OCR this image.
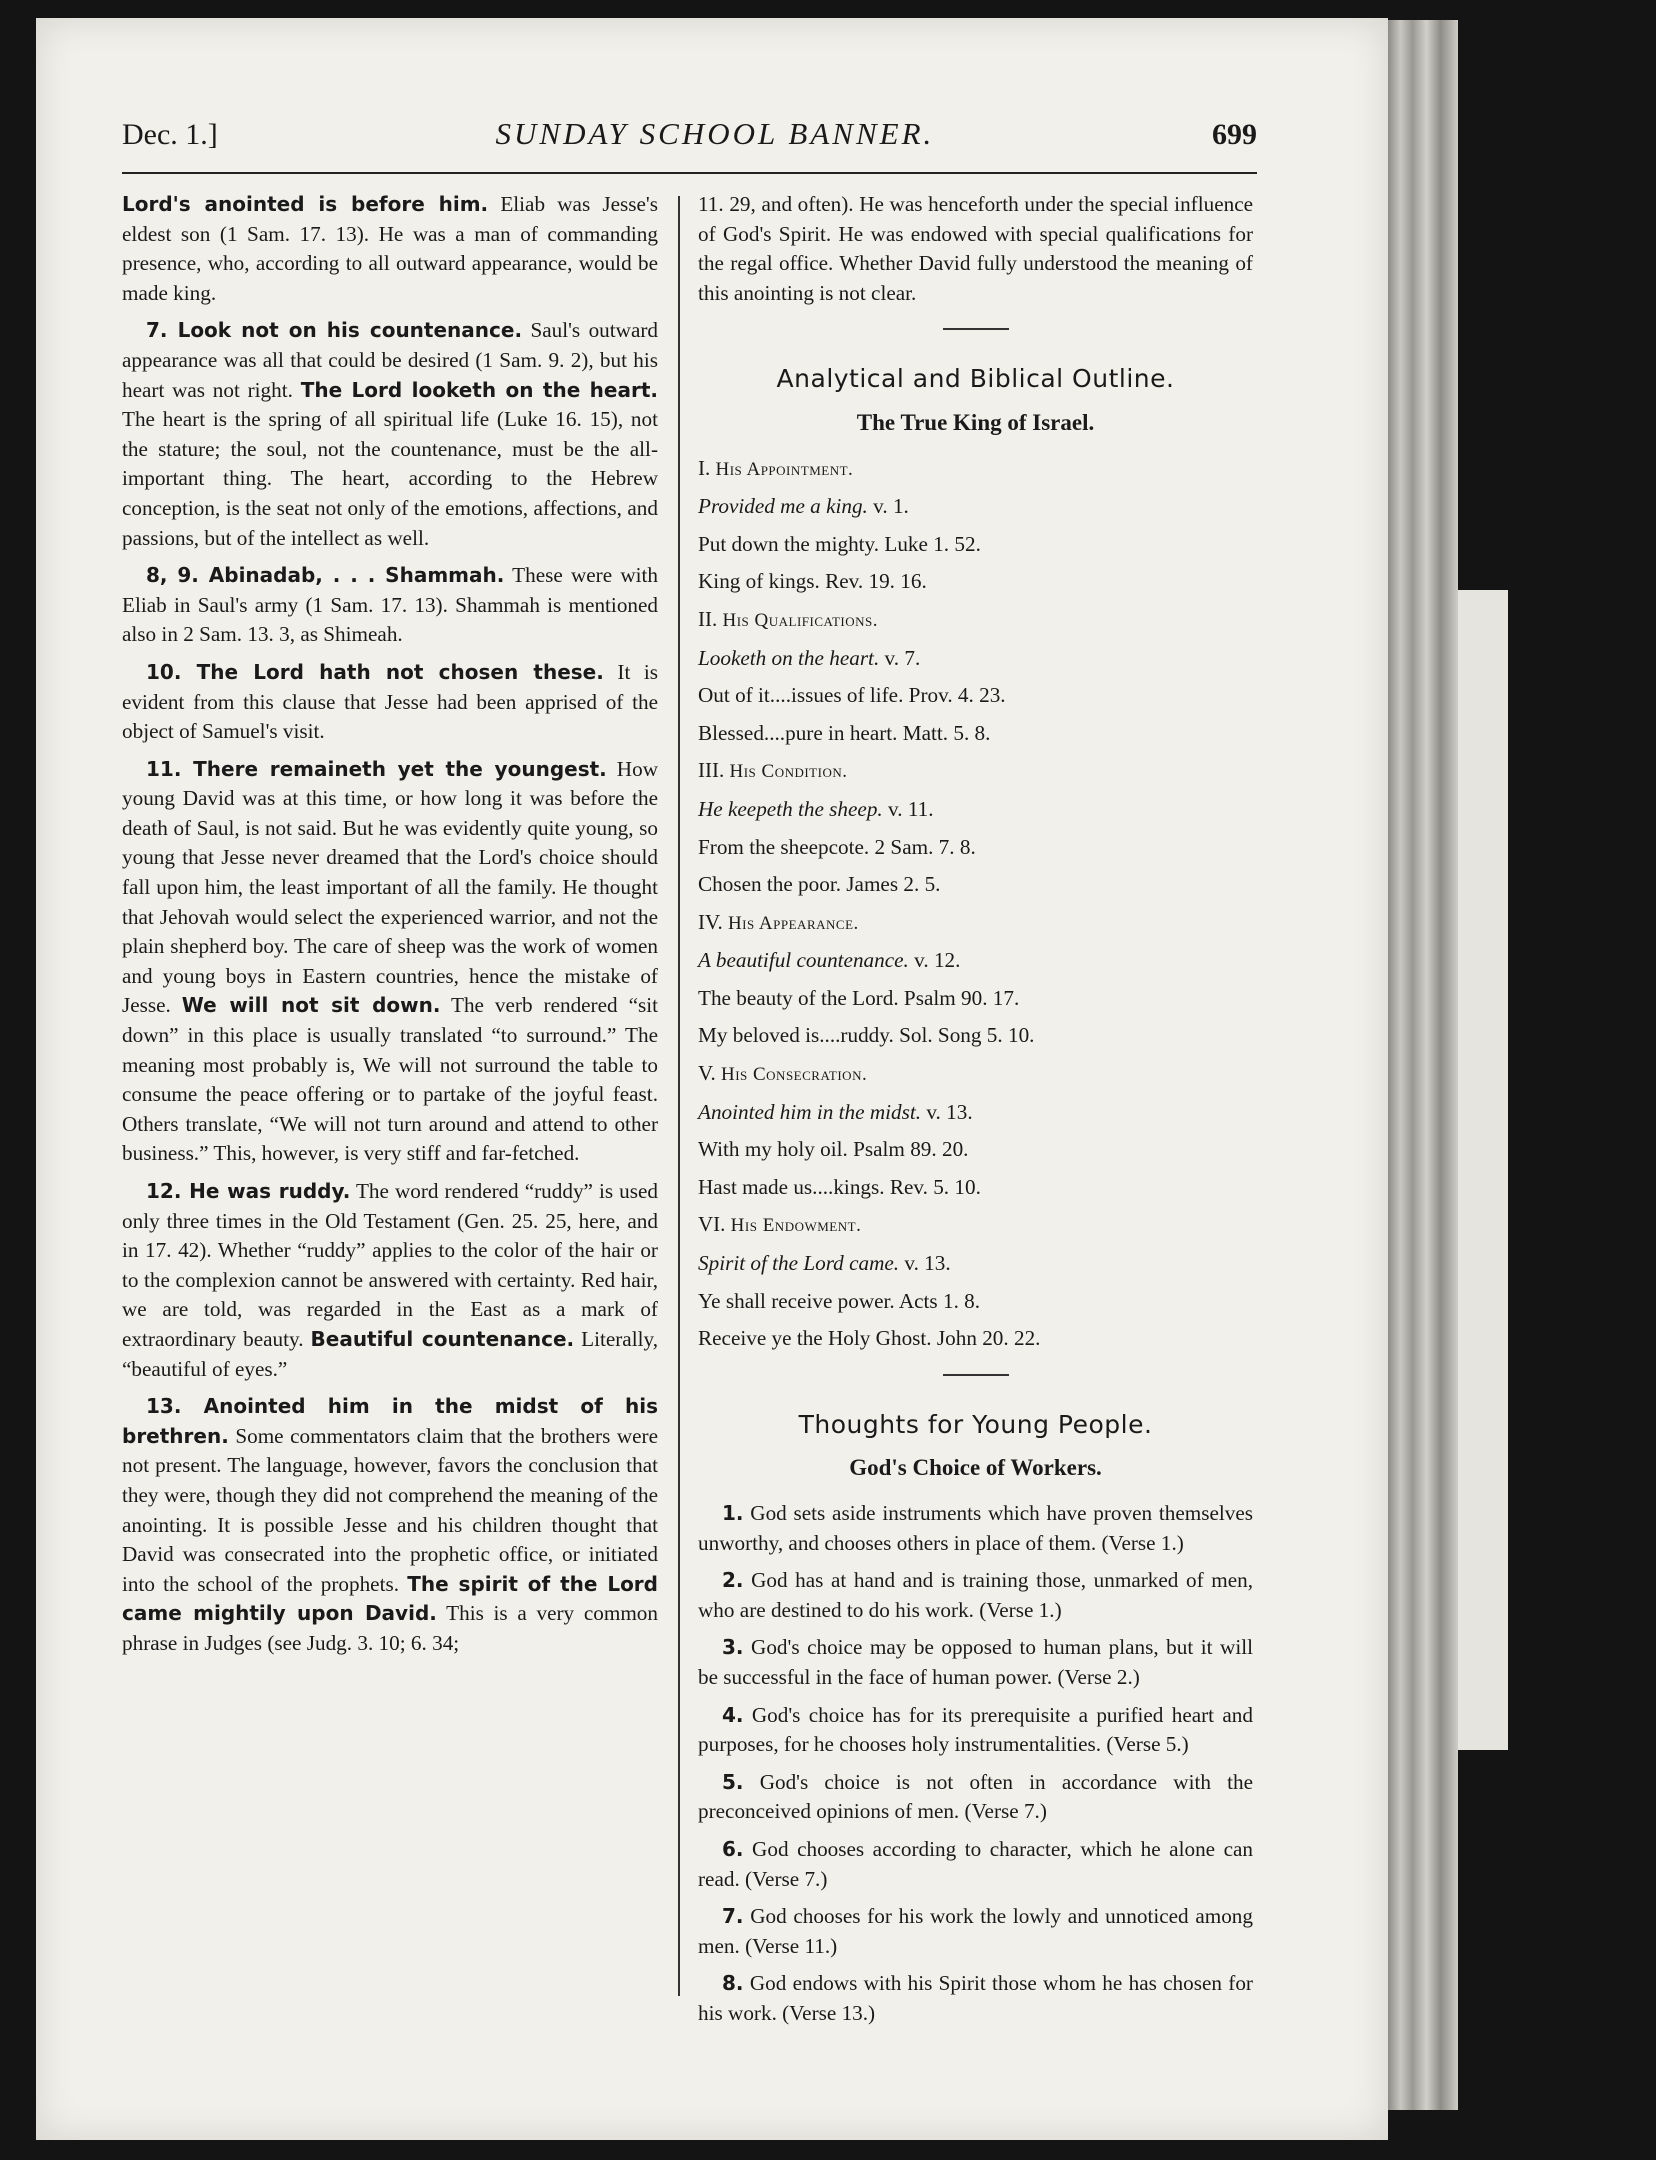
Dec. 1.]	SUNDAY SCHOOL BANNER.	699

Lord's anointed is before him. Eliab was Jesse's eldest son (1 Sam. 17. 13). He was a man of commanding presence, who, according to all outward appearance, would be made king.

7. Look not on his countenance. Saul's outward appearance was all that could be desired (1 Sam. 9. 2), but his heart was not right. The Lord looketh on the heart. The heart is the spring of all spiritual life (Luke 16. 15), not the stature; the soul, not the countenance, must be the all-important thing. The heart, according to the Hebrew conception, is the seat not only of the emotions, affections, and passions, but of the intellect as well.

8, 9. Abinadab, . . . Shammah. These were with Eliab in Saul's army (1 Sam. 17. 13). Shammah is mentioned also in 2 Sam. 13. 3, as Shimeah.

10. The Lord hath not chosen these. It is evident from this clause that Jesse had been apprised of the object of Samuel's visit.

11. There remaineth yet the youngest. How young David was at this time, or how long it was before the death of Saul, is not said. But he was evidently quite young, so young that Jesse never dreamed that the Lord's choice should fall upon him, the least important of all the family. He thought that Jehovah would select the experienced warrior, and not the plain shepherd boy. The care of sheep was the work of women and young boys in Eastern countries, hence the mistake of Jesse. We will not sit down. The verb rendered “sit down” in this place is usually translated “to surround.” The meaning most probably is, We will not surround the table to consume the peace offering or to partake of the joyful feast. Others translate, “We will not turn around and attend to other business.” This, however, is very stiff and far-fetched.

12. He was ruddy. The word rendered “ruddy” is used only three times in the Old Testament (Gen. 25. 25, here, and in 17. 42). Whether “ruddy” applies to the color of the hair or to the complexion cannot be answered with certainty. Red hair, we are told, was regarded in the East as a mark of extraordinary beauty. Beautiful countenance. Literally, “beautiful of eyes.”

13. Anointed him in the midst of his brethren. Some commentators claim that the brothers were not present. The language, however, favors the conclusion that they were, though they did not comprehend the meaning of the anointing. It is possible Jesse and his children thought that David was consecrated into the prophetic office, or initiated into the school of the prophets. The spirit of the Lord came mightily upon David. This is a very common phrase in Judges (see Judg. 3. 10; 6. 34;

11. 29, and often). He was henceforth under the special influence of God's Spirit. He was endowed with special qualifications for the regal office. Whether David fully understood the meaning of this anointing is not clear.

Analytical and Biblical Outline.
The True King of Israel.

I. His Appointment.

Provided me a king. v. 1.

Put down the mighty. Luke 1. 52.

King of kings. Rev. 19. 16.

II. His Qualifications.

Looketh on the heart. v. 7.

Out of it....issues of life. Prov. 4. 23.

Blessed....pure in heart. Matt. 5. 8.

III. His Condition.

He keepeth the sheep. v. 11.

From the sheepcote. 2 Sam. 7. 8.

Chosen the poor. James 2. 5.

IV. His Appearance.

A beautiful countenance. v. 12.

The beauty of the Lord. Psalm 90. 17.

My beloved is....ruddy. Sol. Song 5. 10.

V. His Consecration.

Anointed him in the midst. v. 13.

With my holy oil. Psalm 89. 20.

Hast made us....kings. Rev. 5. 10.

VI. His Endowment.

Spirit of the Lord came. v. 13.

Ye shall receive power. Acts 1. 8.

Receive ye the Holy Ghost. John 20. 22.

Thoughts for Young People.
God's Choice of Workers.

1. God sets aside instruments which have proven themselves unworthy, and chooses others in place of them. (Verse 1.)

2. God has at hand and is training those, unmarked of men, who are destined to do his work. (Verse 1.)

3. God's choice may be opposed to human plans, but it will be successful in the face of human power. (Verse 2.)

4. God's choice has for its prerequisite a purified heart and purposes, for he chooses holy instrumentalities. (Verse 5.)

5. God's choice is not often in accordance with the preconceived opinions of men. (Verse 7.)

6. God chooses according to character, which he alone can read. (Verse 7.)

7. God chooses for his work the lowly and unnoticed among men. (Verse 11.)

8. God endows with his Spirit those whom he has chosen for his work. (Verse 13.)
